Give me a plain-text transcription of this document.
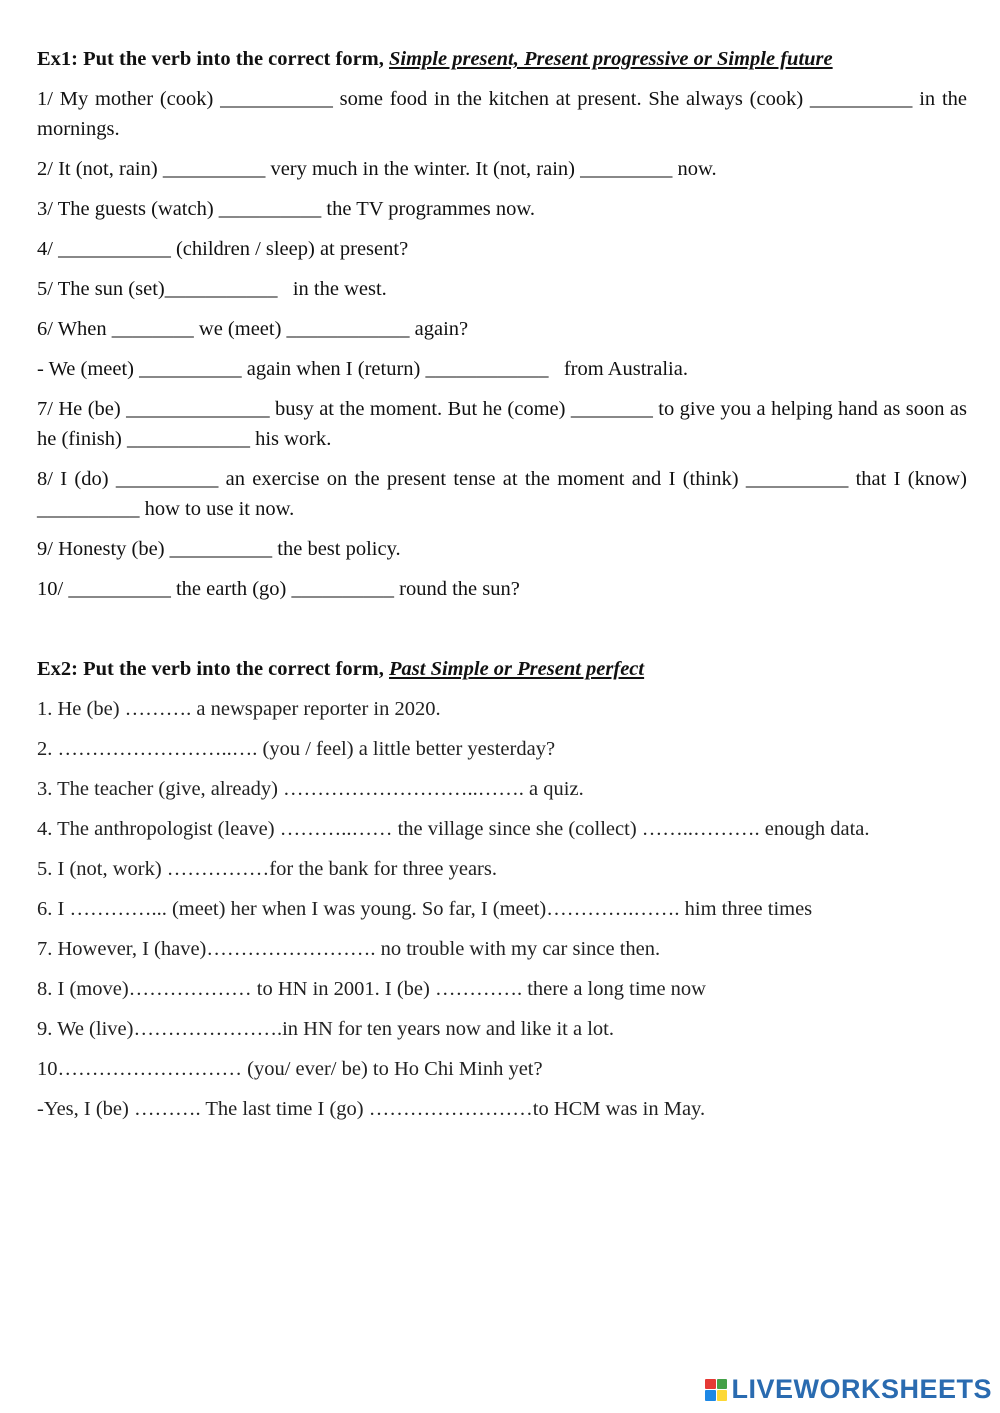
Ex1: Put the verb into the correct form, Simple present, Present progressive or Simple future
1/ My mother (cook) ___________ some food in the kitchen at present. She always (cook) __________ in the mornings.
2/ It (not, rain) __________ very much in the winter. It (not, rain) _________ now.
3/ The guests (watch) __________ the TV programmes now.
4/ ___________ (children / sleep) at present?
5/ The sun (set)___________   in the west.
6/ When ________ we (meet) ____________ again?
- We (meet) __________ again when I (return) ____________   from Australia.
7/ He (be) ______________ busy at the moment. But he (come) ________ to give you a helping hand as soon as he (finish) ____________ his work.
8/ I (do) __________ an exercise on the present tense at the moment and I (think) __________ that I (know) __________ how to use it now.
9/ Honesty (be) __________ the best policy.
10/ __________ the earth (go) __________ round the sun?
Ex2: Put the verb into the correct form, Past Simple or Present perfect
1. He (be) ………. a newspaper reporter in 2020.
2. ……………………..…. (you / feel) a little better yesterday?
3. The teacher (give, already) ………………………..……. a quiz.
4. The anthropologist (leave) ………..…… the village since she (collect) ……..………. enough data.
5. I (not, work) ……………for the bank for three years.
6. I …………... (meet) her when I was young. So far, I (meet)………….……. him three times
7. However, I (have)……………………. no trouble with my car since then.
8. I (move)……………… to HN in 2001. I (be) …………. there a long time now
9. We (live)………………….in HN for ten years now and like it a lot.
10……………………… (you/ ever/ be) to Ho Chi Minh yet?
-Yes, I (be) ………. The last time I (go) ……………………to HCM was in May.
LIVEWORKSHEETS
